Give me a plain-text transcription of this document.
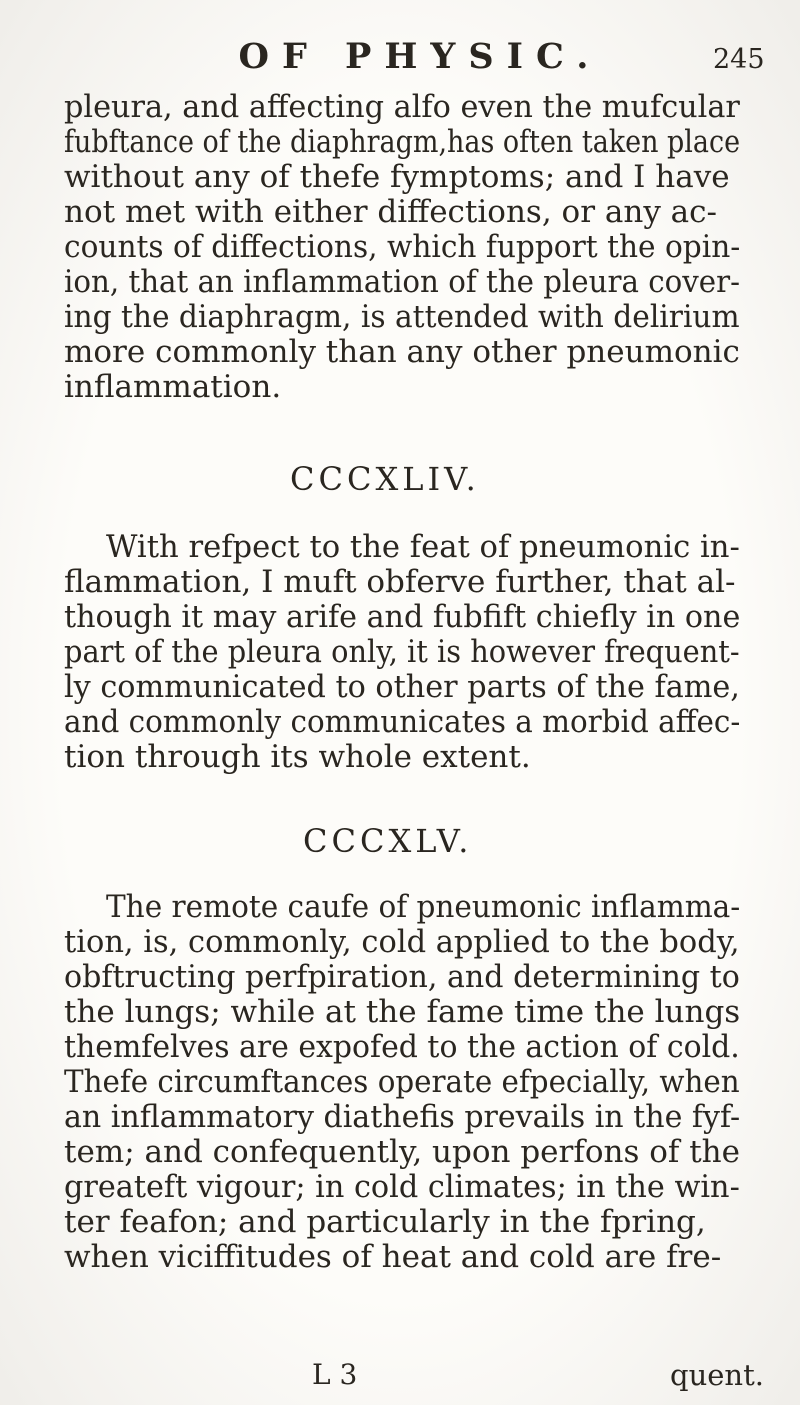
OF PHYSIC.	245
pleura, and affecting alfo even the mufcular
fubftance of the diaphragm,has often taken place
without any of thefe fymptoms; and I have
not met with either diffections, or any ac-
counts of diffections, which fupport the opin-
ion, that an inflammation of the pleura cover-
ing the diaphragm, is attended with delirium
more commonly than any other pneumonic
inflammation.
CCCXLIV.
With refpect to the feat of pneumonic in-
flammation, I muft obferve further, that al-
though it may arife and fubfift chiefly in one
part of the pleura only, it is however frequent-
ly communicated to other parts of the fame,
and commonly communicates a morbid affec-
tion through its whole extent.
CCCXLV.
The remote caufe of pneumonic inflamma-
tion, is, commonly, cold applied to the body,
obftructing perfpiration, and determining to
the lungs; while at the fame time the lungs
themfelves are expofed to the action of cold.
Thefe circumftances operate efpecially, when
an inflammatory diathefis prevails in the fyf-
tem; and confequently, upon perfons of the
greateft vigour; in cold climates; in the win-
ter feafon; and particularly in the fpring,
when viciffitudes of heat and cold are fre-
L 3	quent.
